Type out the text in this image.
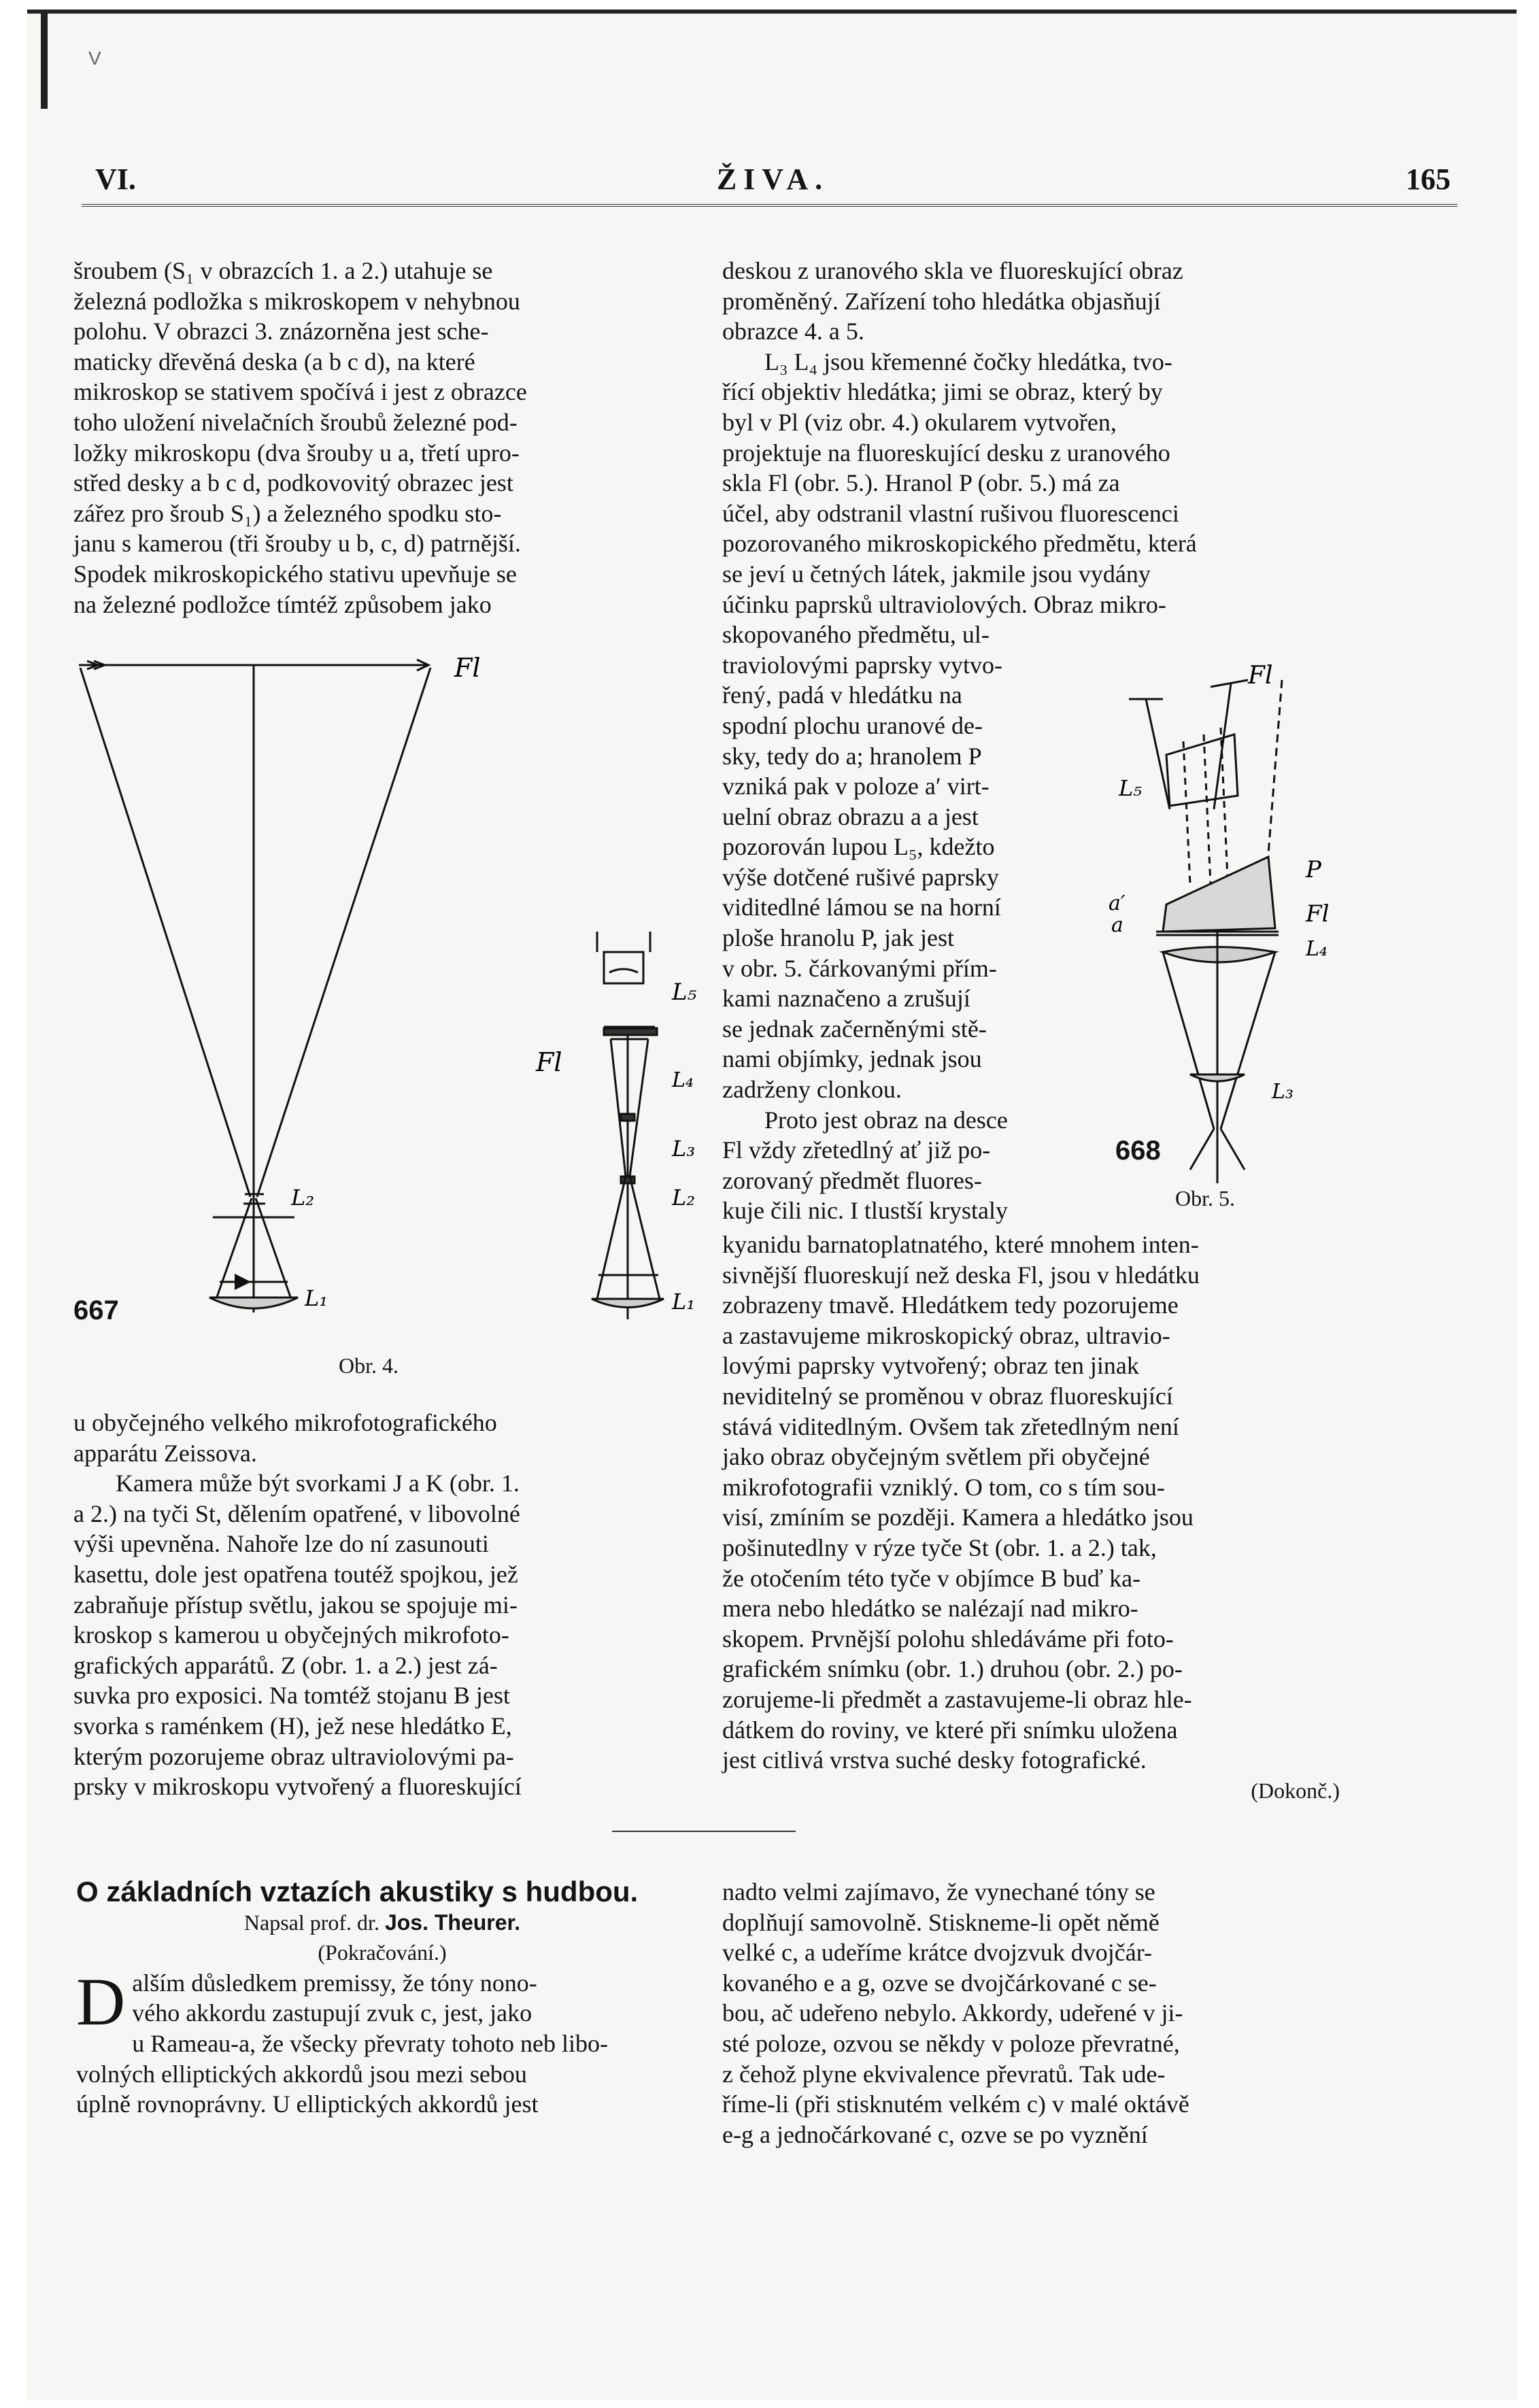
V
VI.	ŽIVA.	165

šroubem (S₁ v obrazcích 1. a 2.) utahuje se

železná podložka s mikroskopem v nehybnou

polohu. V obrazci 3. znázorněna jest sche-

maticky dřevěná deska (a b c d), na které

mikroskop se stativem spočívá i jest z obrazce

toho uložení nivelačních šroubů železné pod-

ložky mikroskopu (dva šrouby u a, třetí upro-

střed desky a b c d, podkovovitý obrazec jest

zářez pro šroub S₁) a železného spodku sto-

janu s kamerou (tři šrouby u b, c, d) patrnější.

Spodek mikroskopického stativu upevňuje se

na železné podložce tímtéž způsobem jako

Fl
L₅
Fl
L₄
L₃
L₂
L₁
L₂
L₁
667
Obr. 4.

u obyčejného velkého mikrofotografického

apparátu Zeissova.

Kamera může být svorkami J a K (obr. 1.

a 2.) na tyči St, dělením opatřené, v libovolné

výši upevněna. Nahoře lze do ní zasunouti

kasettu, dole jest opatřena toutéž spojkou, jež

zabraňuje přístup světlu, jakou se spojuje mi-

kroskop s kamerou u obyčejných mikrofoto-

grafických apparátů. Z (obr. 1. a 2.) jest zá-

suvka pro exposici. Na tomtéž stojanu B jest

svorka s raménkem (H), jež nese hledátko E,

kterým pozorujeme obraz ultraviolovými pa-

prsky v mikroskopu vytvořený a fluoreskující

deskou z uranového skla ve fluoreskující obraz

proměněný. Zařízení toho hledátka objasňují

obrazce 4. a 5.

L₃ L₄ jsou křemenné čočky hledátka, tvo-

řící objektiv hledátka; jimi se obraz, který by

byl v Pl (viz obr. 4.) okularem vytvořen,

projektuje na fluoreskující desku z uranového

skla Fl (obr. 5.). Hranol P (obr. 5.) má za

účel, aby odstranil vlastní rušivou fluorescenci

pozorovaného mikroskopického předmětu, která

se jeví u četných látek, jakmile jsou vydány

účinku paprsků ultraviolových. Obraz mikro-

skopovaného předmětu, ul-

traviolovými paprsky vytvo-

řený, padá v hledátku na

spodní plochu uranové de-

sky, tedy do a; hranolem P

vzniká pak v poloze a′ virt-

uelní obraz obrazu a a jest

pozorován lupou L₅, kdežto

výše dotčené rušivé paprsky

viditedlné lámou se na horní

ploše hranolu P, jak jest

v obr. 5. čárkovanými přím-

kami naznačeno a zrušují

se jednak začerněnými stě-

nami objímky, jednak jsou

zadrženy clonkou.

Proto jest obraz na desce

Fl vždy zřetedlný ať již po-

zorovaný předmět fluores-

kuje čili nic. I tlustší krystaly

Fl
L₅
P
a′
a	Fl
L₄
L₃
668
Obr. 5.

kyanidu barnatoplatnatého, které mnohem inten-

sivnější fluoreskují než deska Fl, jsou v hledátku

zobrazeny tmavě. Hledátkem tedy pozorujeme

a zastavujeme mikroskopický obraz, ultravio-

lovými paprsky vytvořený; obraz ten jinak

neviditelný se proměnou v obraz fluoreskující

stává viditedlným. Ovšem tak zřetedlným není

jako obraz obyčejným světlem při obyčejné

mikrofotografii vzniklý. O tom, co s tím sou-

visí, zmíním se později. Kamera a hledátko jsou

pošinutedlny v rýze tyče St (obr. 1. a 2.) tak,

že otočením této tyče v objímce B buď ka-

mera nebo hledátko se nalézají nad mikro-

skopem. Prvnější polohu shledáváme při foto-

grafickém snímku (obr. 1.) druhou (obr. 2.) po-

zorujeme-li předmět a zastavujeme-li obraz hle-

dátkem do roviny, ve které při snímku uložena

jest citlivá vrstva suché desky fotografické.

(Dokonč.)

O základních vztazích akustiky s hudbou.

Napsal prof. dr. Jos. Theurer.

(Pokračování.)

D alším důsledkem premissy, že tóny nono-

vého akkordu zastupují zvuk c, jest, jako

u Rameau-a, že všecky převraty tohoto neb libo-

volných elliptických akkordů jsou mezi sebou

úplně rovnoprávny. U elliptických akkordů jest

nadto velmi zajímavo, že vynechané tóny se

doplňují samovolně. Stiskneme-li opět němě

velké c, a udeříme krátce dvojzvuk dvojčár-

kovaného e a g, ozve se dvojčárkované c se-

bou, ač udeřeno nebylo. Akkordy, udeřené v ji-

sté poloze, ozvou se někdy v poloze převratné,

z čehož plyne ekvivalence převratů. Tak ude-

říme-li (při stisknutém velkém c) v malé oktávě

e-g a jednočárkované c, ozve se po vyznění
